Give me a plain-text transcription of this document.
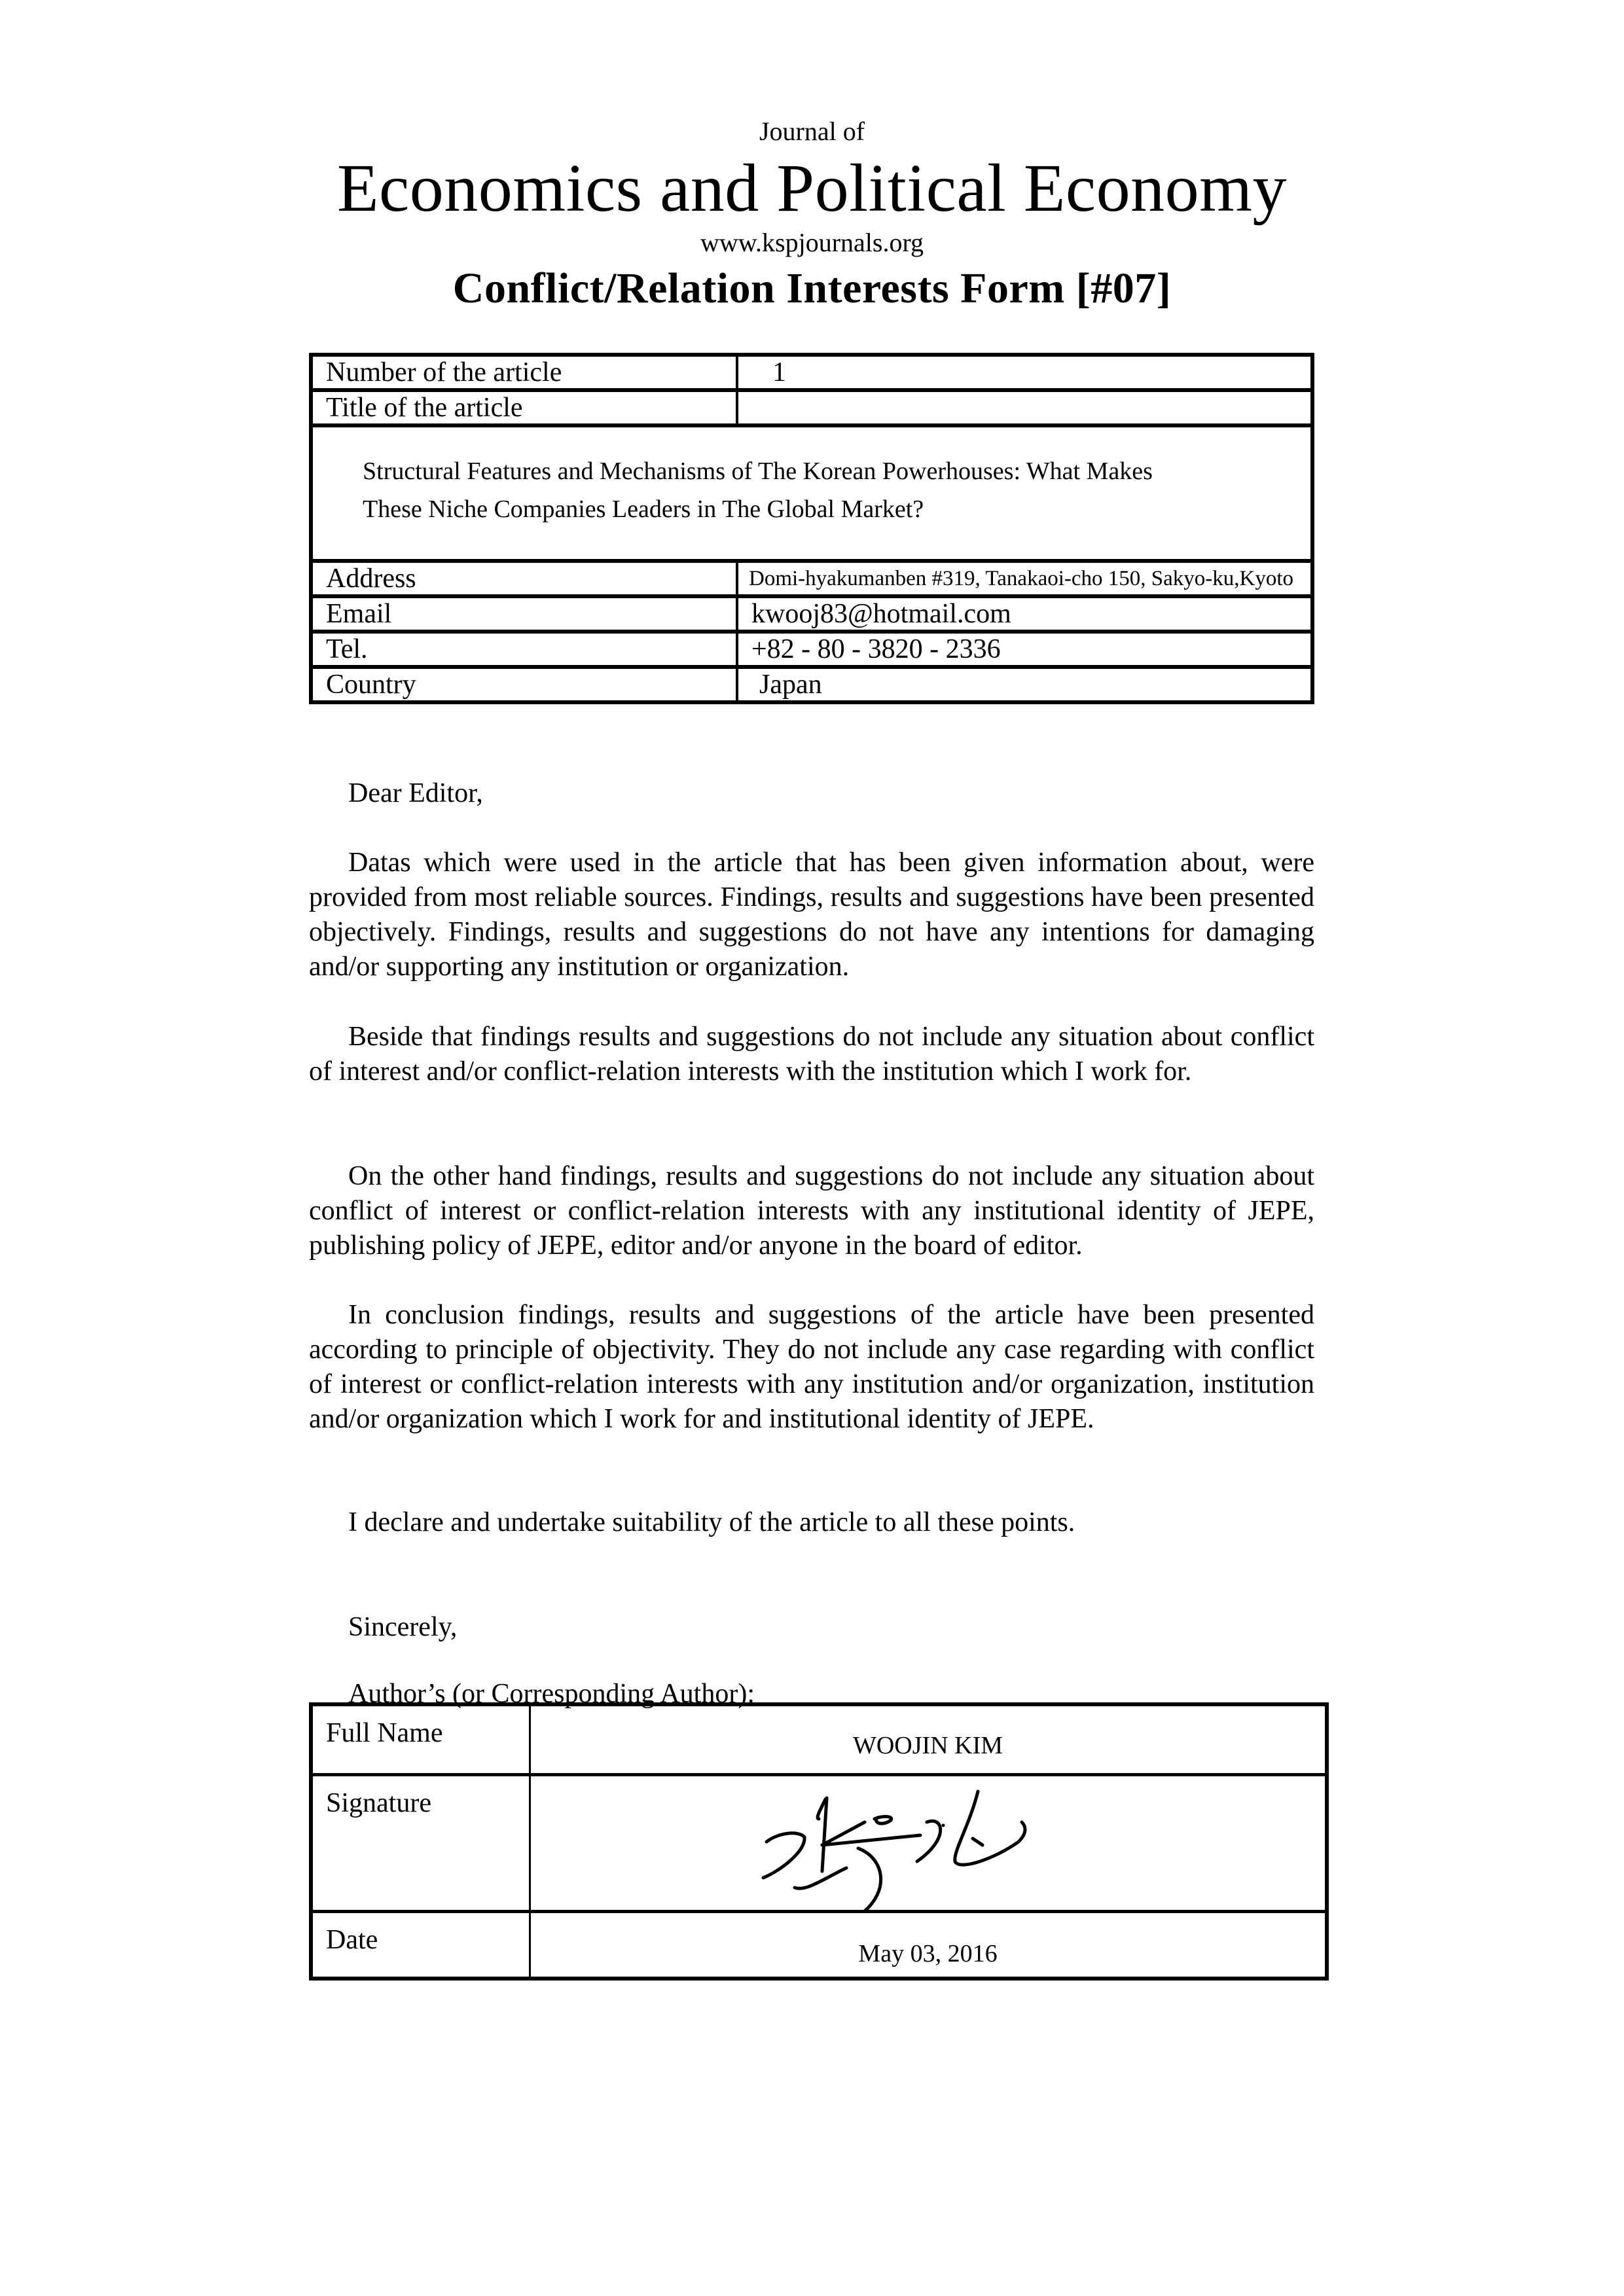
Journal of
Economics and Political Economy
www.kspjournals.org
Conflict/Relation Interests Form [#07]
Number of the article	1
Title of the article
Structural Features and Mechanisms of The Korean Powerhouses: What Makes
These Niche Companies Leaders in The Global Market?
Address	Domi-hyakumanben #319, Tanakaoi-cho 150, Sakyo-ku,Kyoto
Email	kwooj83@hotmail.com
Tel.	+82 - 80 - 3820 - 2336
Country	Japan

Dear Editor,

Datas which were used in the article that has been given information about, were provided from most reliable sources. Findings, results and suggestions have been presented objectively. Findings, results and suggestions do not have any intentions for damaging and/or supporting any institution or organization.

Beside that findings results and suggestions do not include any situation about conflict of interest and/or conflict-relation interests with the institution which I work for.

On the other hand findings, results and suggestions do not include any situation about conflict of interest or conflict-relation interests with any institutional identity of JEPE, publishing policy of JEPE, editor and/or anyone in the board of editor.

In conclusion findings, results and suggestions of the article have been presented according to principle of objectivity. They do not include any case regarding with conflict of interest or conflict-relation interests with any institution and/or organization, institution and/or organization which I work for and institutional identity of JEPE.

I declare and undertake suitability of the article to all these points.

Sincerely,

Author’s (or Corresponding Author):

Full Name	WOOJIN KIM
Signature
Date	May 03, 2016
